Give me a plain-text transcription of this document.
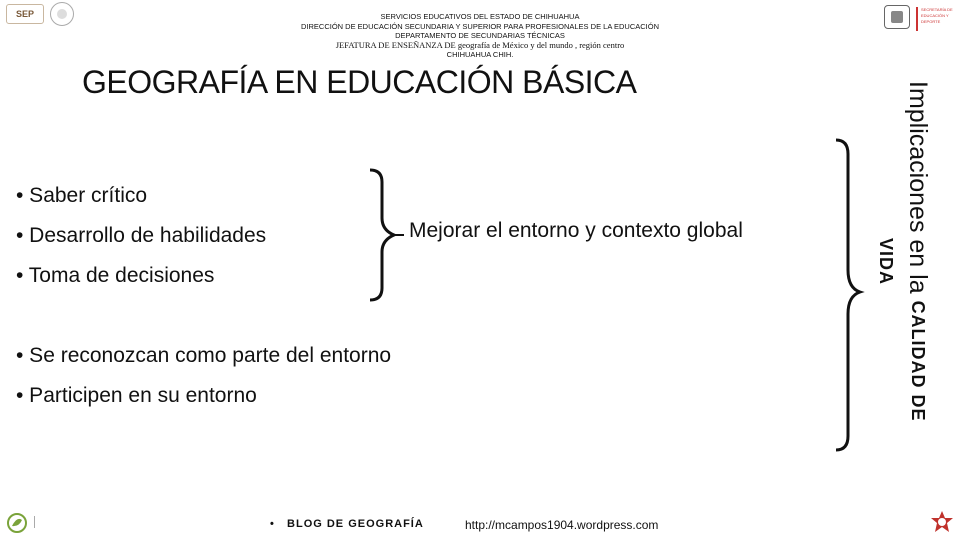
SEP	SECRETARÍA DE EDUCACIÓN Y DEPORTE
SERVICIOS EDUCATIVOS DEL ESTADO DE CHIHUAHUA
DIRECCIÓN DE EDUCACIÓN SECUNDARIA Y SUPERIOR PARA PROFESIONALES DE LA EDUCACIÓN
DEPARTAMENTO DE SECUNDARIAS TÉCNICAS
JEFATURA DE ENSEÑANZA DE geografía de México y del mundo , región centro
CHIHUAHUA CHIH.
GEOGRAFÍA EN EDUCACIÓN BÁSICA
• Saber crítico
• Desarrollo de habilidades
• Toma de decisiones
Mejorar el entorno y contexto global
• Se reconozcan como parte del entorno
• Participen en su entorno
Implicaciones en la CALIDAD DE
VIDA
• BLOG DE GEOGRAFÍA	http://mcampos1904.wordpress.com
